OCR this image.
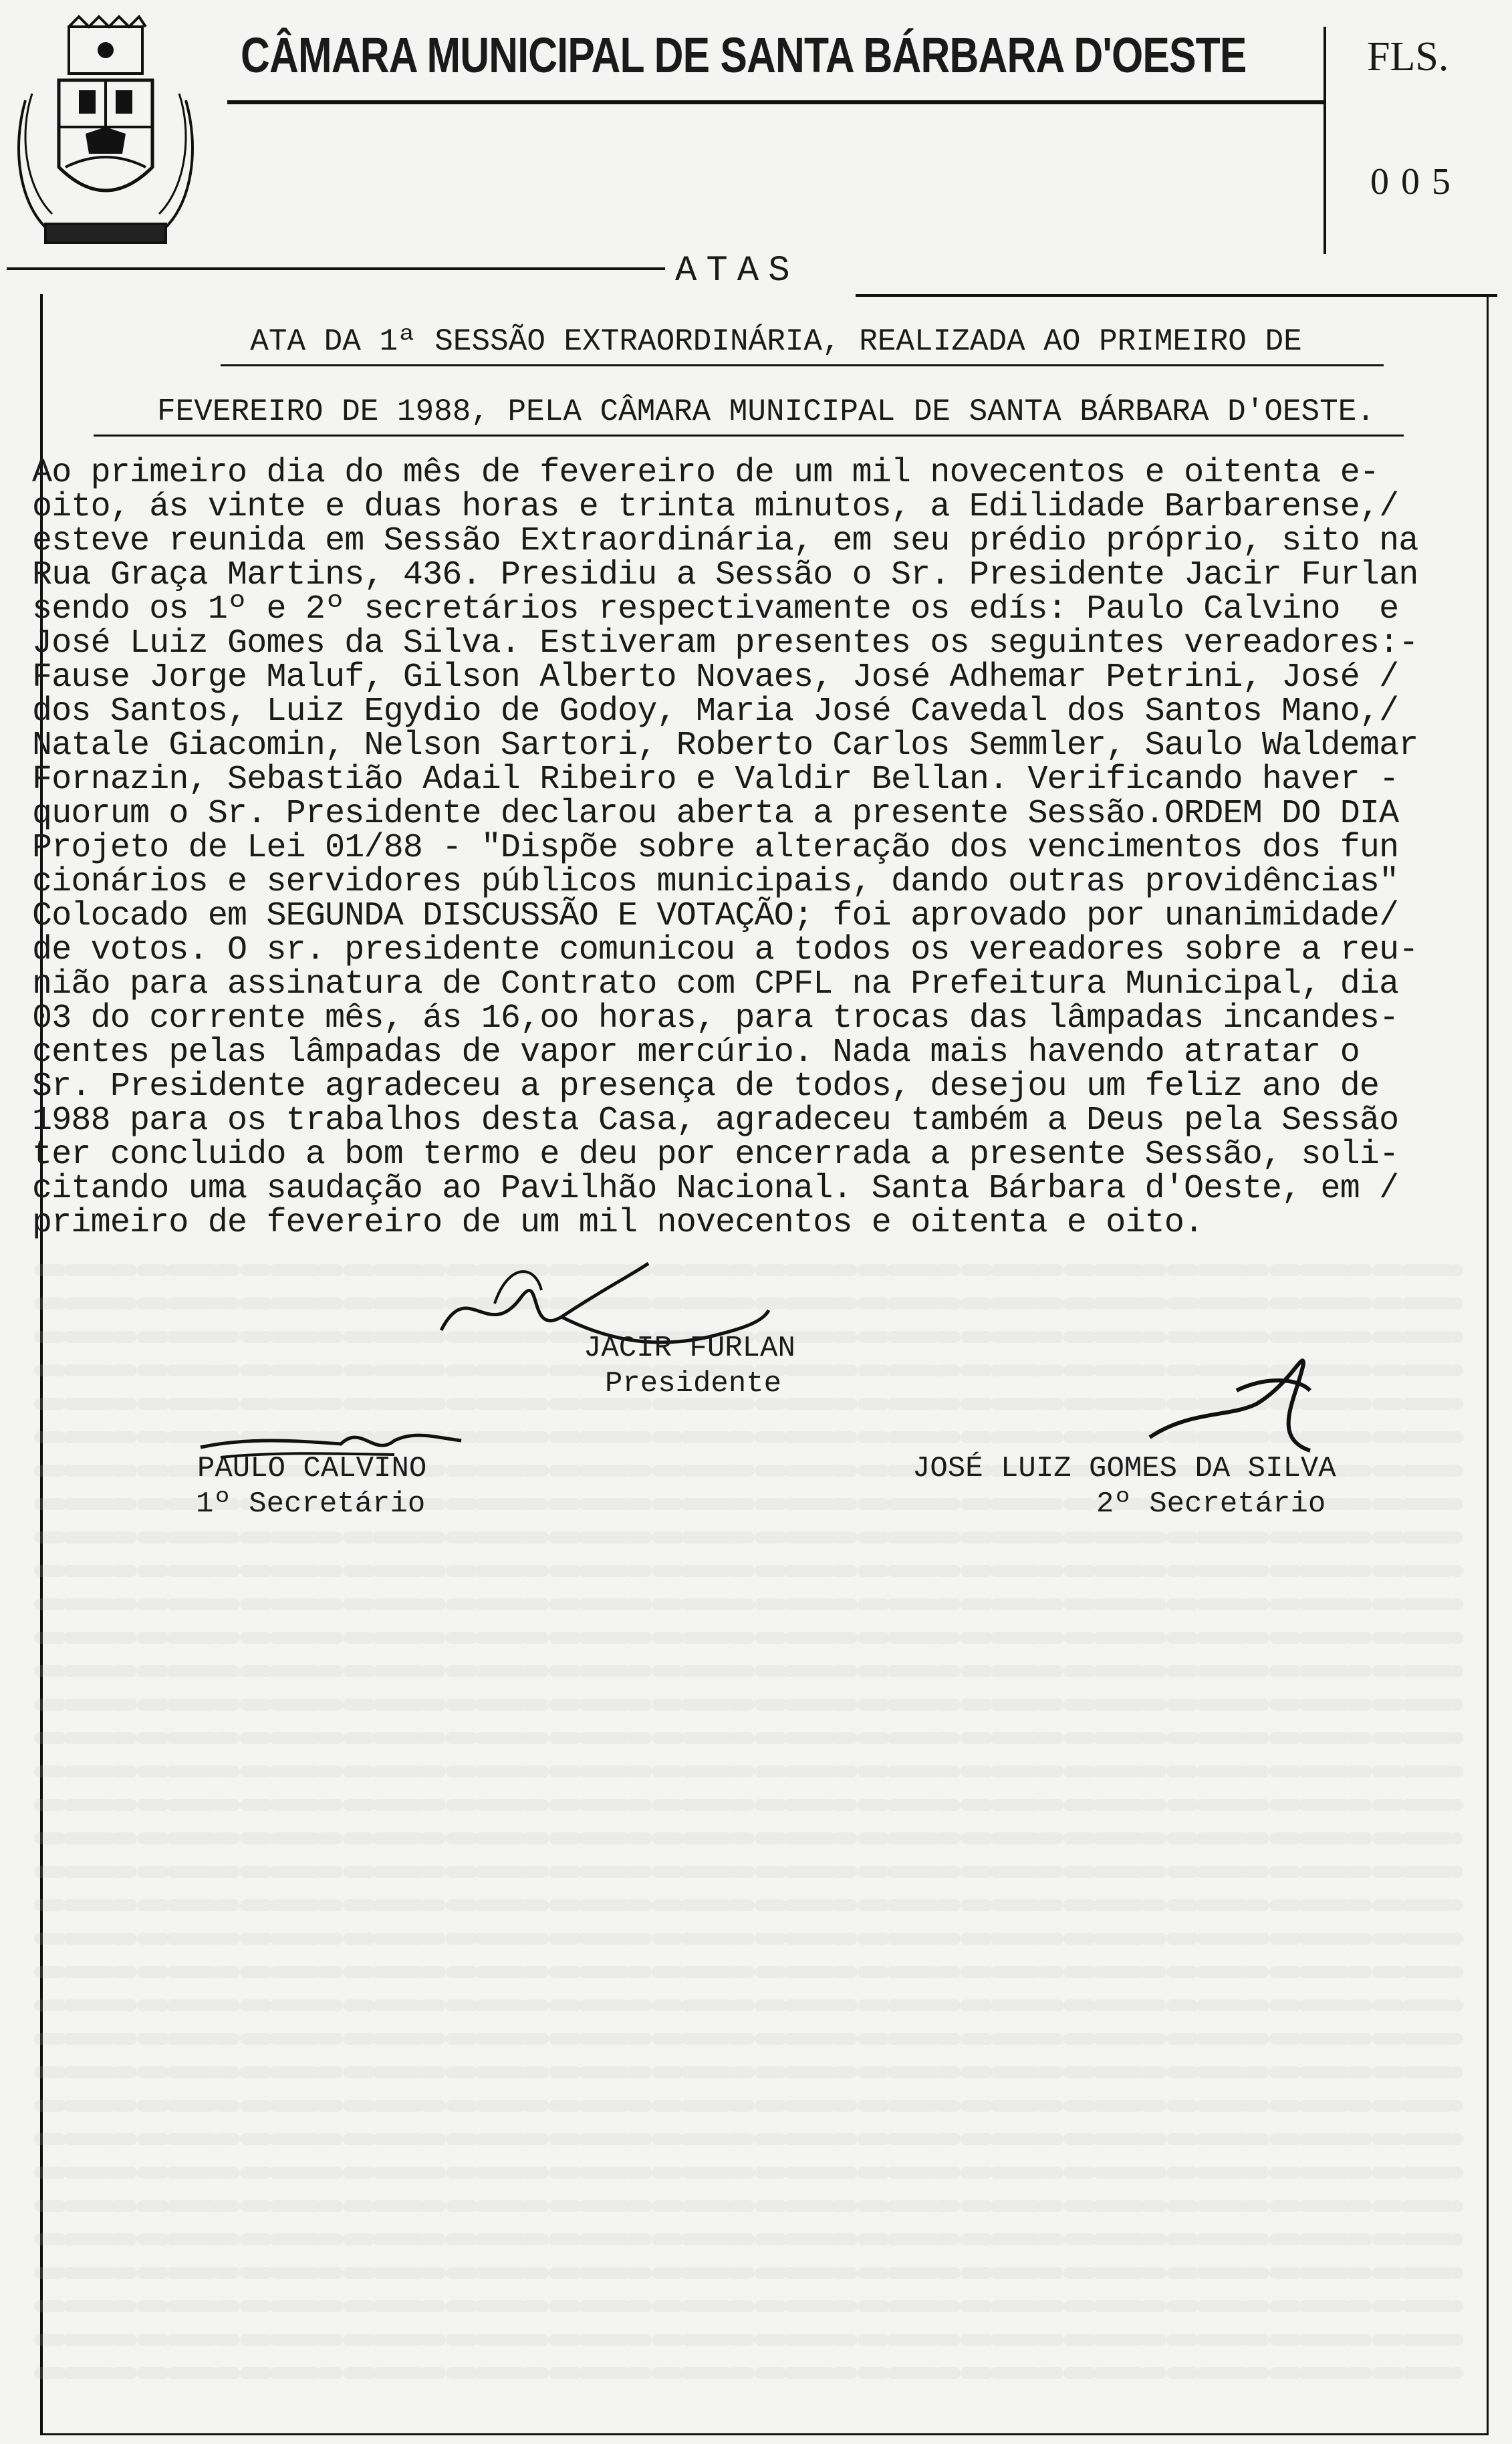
CÂMARA MUNICIPAL DE SANTA BÁRBARA D'OESTE	FLS.
005
ATAS
ATA DA 1ª SESSÃO EXTRAORDINÁRIA, REALIZADA AO PRIMEIRO DE
FEVEREIRO DE 1988, PELA CÂMARA MUNICIPAL DE SANTA BÁRBARA D'OESTE.
Ao primeiro dia do mês de fevereiro de um mil novecentos e oitenta e-
oito, ás vinte e duas horas e trinta minutos, a Edilidade Barbarense,/
esteve reunida em Sessão Extraordinária, em seu prédio próprio, sito na
Rua Graça Martins, 436. Presidiu a Sessão o Sr. Presidente Jacir Furlan
sendo os 1º e 2º secretários respectivamente os edís: Paulo Calvino  e
José Luiz Gomes da Silva. Estiveram presentes os seguintes vereadores:-
Fause Jorge Maluf, Gilson Alberto Novaes, José Adhemar Petrini, José /
dos Santos, Luiz Egydio de Godoy, Maria José Cavedal dos Santos Mano,/
Natale Giacomin, Nelson Sartori, Roberto Carlos Semmler, Saulo Waldemar
Fornazin, Sebastião Adail Ribeiro e Valdir Bellan. Verificando haver -
quorum o Sr. Presidente declarou aberta a presente Sessão.ORDEM DO DIA
Projeto de Lei 01/88 - "Dispõe sobre alteração dos vencimentos dos fun
cionários e servidores públicos municipais, dando outras providências"
Colocado em SEGUNDA DISCUSSÃO E VOTAÇÃO; foi aprovado por unanimidade/
de votos. O sr. presidente comunicou a todos os vereadores sobre a reu-
nião para assinatura de Contrato com CPFL na Prefeitura Municipal, dia
03 do corrente mês, ás 16,oo horas, para trocas das lâmpadas incandes-
centes pelas lâmpadas de vapor mercúrio. Nada mais havendo atratar o
Sr. Presidente agradeceu a presença de todos, desejou um feliz ano de
1988 para os trabalhos desta Casa, agradeceu também a Deus pela Sessão
ter concluido a bom termo e deu por encerrada a presente Sessão, soli-
citando uma saudação ao Pavilhão Nacional. Santa Bárbara d'Oeste, em /
primeiro de fevereiro de um mil novecentos e oitenta e oito.
JACIR FURLAN
Presidente
PAULO CALVINO
1º Secretário
JOSÉ LUIZ GOMES DA SILVA
2º Secretário
